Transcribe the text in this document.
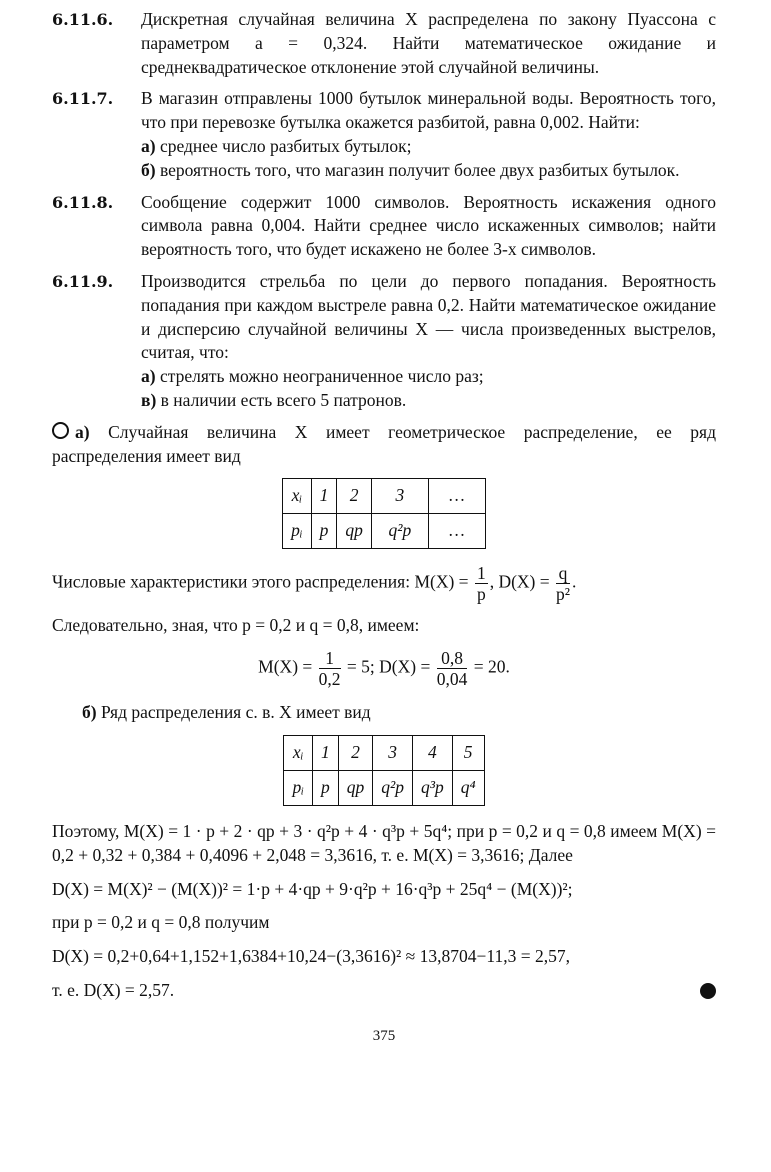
6.11.6. Дискретная случайная величина X распределена по закону Пуассона с параметром a = 0,324. Найти математическое ожидание и среднеквадратическое отклонение этой случайной величины.
6.11.7. В магазин отправлены 1000 бутылок минеральной воды. Вероятность того, что при перевозке бутылка окажется разбитой, равна 0,002. Найти:
а) среднее число разбитых бутылок;
б) вероятность того, что магазин получит более двух разбитых бутылок.
6.11.8. Сообщение содержит 1000 символов. Вероятность искажения одного символа равна 0,004. Найти среднее число искаженных символов; найти вероятность того, что будет искажено не более 3-х символов.
6.11.9. Производится стрельба по цели до первого попадания. Вероятность попадания при каждом выстреле равна 0,2. Найти математическое ожидание и дисперсию случайной величины X — числа произведенных выстрелов, считая, что:
а) стрелять можно неограниченное число раз;
в) в наличии есть всего 5 патронов.
а) Случайная величина X имеет геометрическое распределение, ее ряд распределения имеет вид
xᵢ	1	2	3	…
pᵢ	p	qp	q²p	…
Числовые характеристики этого распределения: $M(X) = \frac{1}{p}$ , $D(X) = \frac{q}{\text{p²}}$ .
Следовательно, зная, что p = 0,2 и q = 0,8, имеем:
$M(X) = \frac{1}{0,2} = 5$; $D(X) = \frac{0,8}{0,04} = 20$.
б) Ряд распределения с. в. X имеет вид
xᵢ	1	2	3	4	5
pᵢ	p	qp	q²p	q³p	q⁴
Поэтому, M(X) = 1 · p + 2 · qp + 3 · q²p + 4 · q³p + 5q⁴; при p = 0,2 и q = 0,8 имеем M(X) = 0,2 + 0,32 + 0,384 + 0,4096 + 2,048 = 3,3616, т. е. M(X) = 3,3616; Далее
D(X) = M(X)² − (M(X))² = 1·p + 4·qp + 9·q²p + 16·q³p + 25q⁴ − (M(X))²;
при p = 0,2 и q = 0,8 получим
D(X) = 0,2+0,64+1,152+1,6384+10,24−(3,3616)² ≈ 13,8704−11,3 = 2,57,
т. е. D(X) = 2,57.
375
